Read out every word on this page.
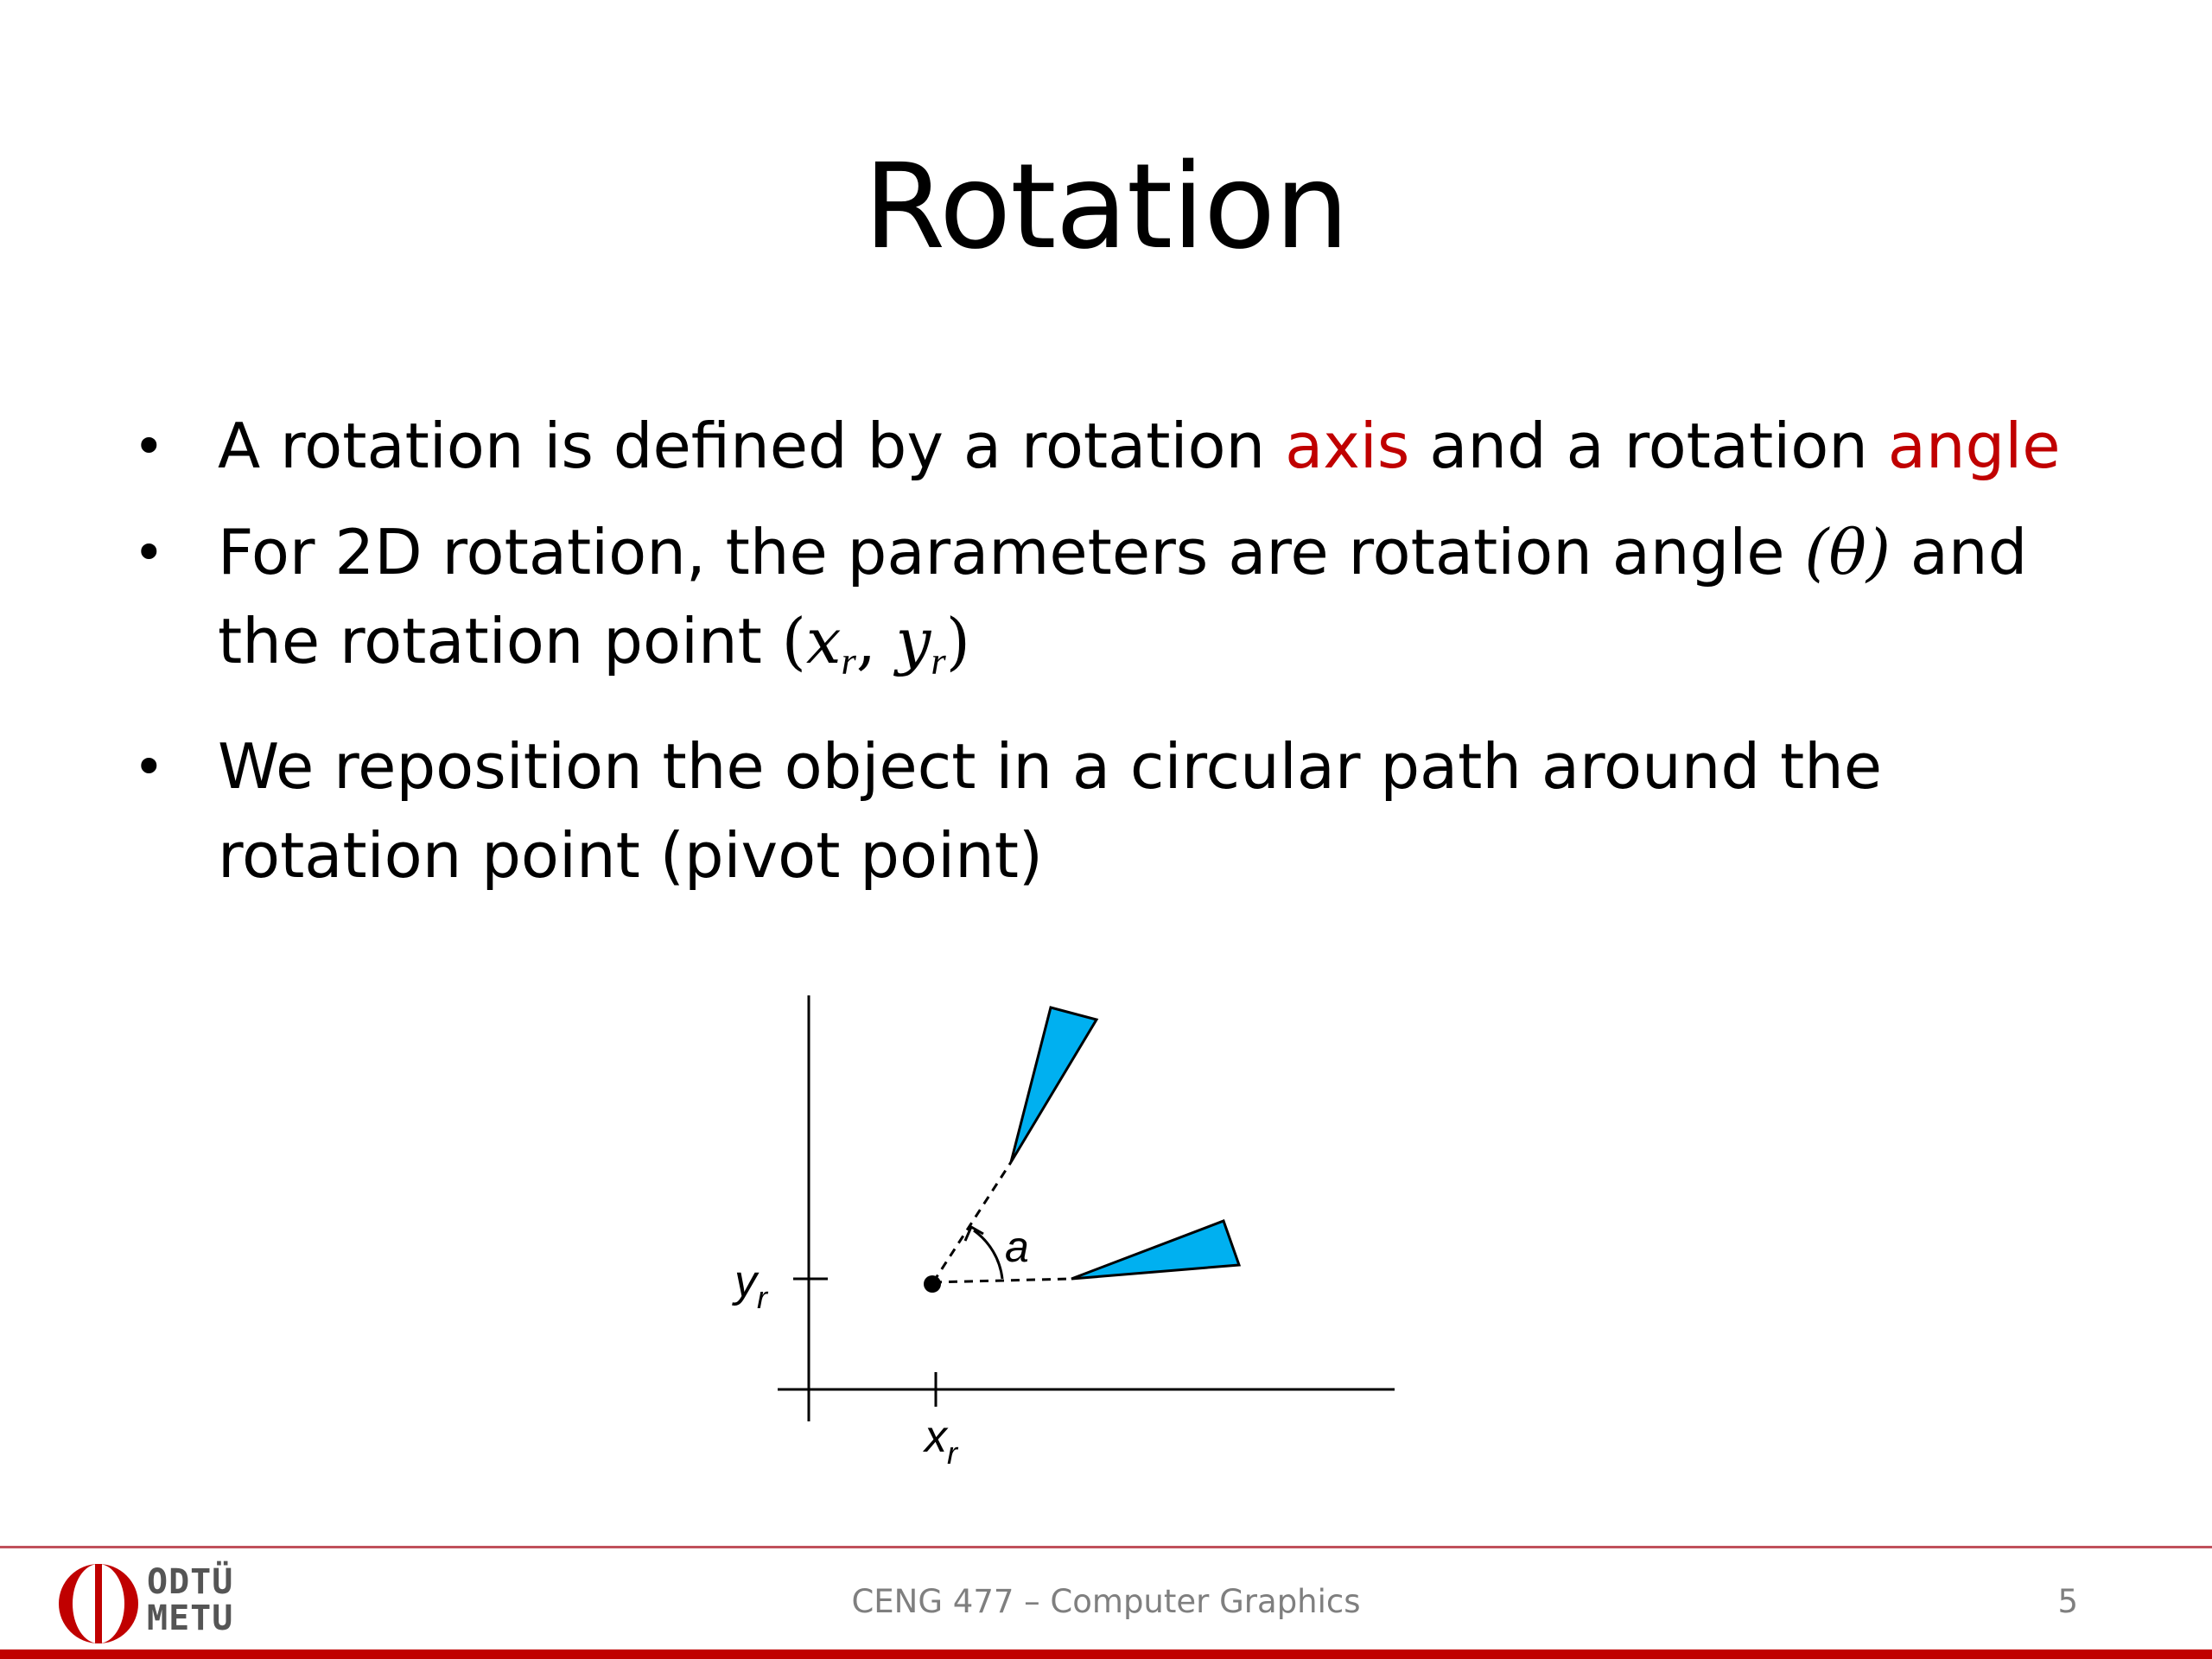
Rotation
• A rotation is defined by a rotation axis and a rotation angle
• For 2D rotation, the parameters are rotation angle (θ) and the rotation point ($x_r$, $y_r$)
• We reposition the object in a circular path around the rotation point (pivot point)
a
$y_r$
$x_r$
ODTÜ
METU	CENG 477 – Computer Graphics	5
